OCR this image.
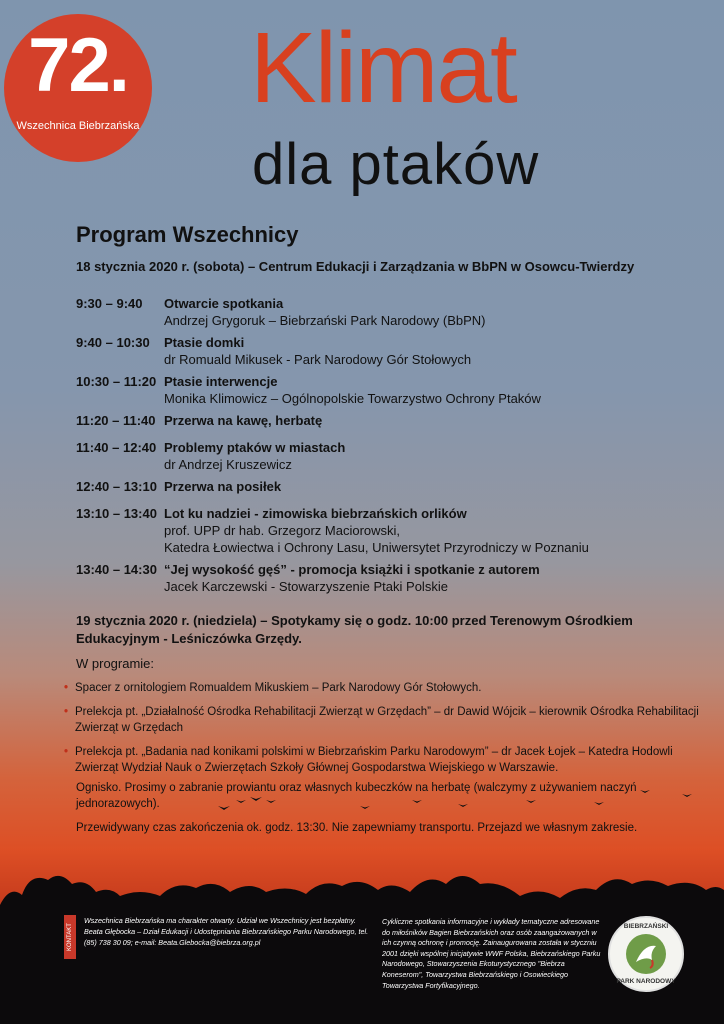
72.
Wszechnica Biebrzańska
Klimat
dla ptaków
Program Wszechnicy
18 stycznia 2020 r. (sobota) – Centrum Edukacji i Zarządzania w BbPN w Osowcu-Twierdzy
9:30 – 9:40	Otwarcie spotkania
Andrzej Grygoruk – Biebrzański Park Narodowy (BbPN)
9:40 – 10:30	Ptasie domki
dr Romuald Mikusek - Park Narodowy Gór Stołowych
10:30 – 11:20 Ptasie interwencje
Monika Klimowicz – Ogólnopolskie Towarzystwo Ochrony Ptaków
11:20 – 11:40 Przerwa na kawę, herbatę
11:40 – 12:40 Problemy ptaków w miastach
dr Andrzej Kruszewicz
12:40 – 13:10 Przerwa na posiłek
13:10 – 13:40 Lot ku nadziei - zimowiska biebrzańskich orlików
prof. UPP dr hab. Grzegorz Maciorowski,
Katedra Łowiectwa i Ochrony Lasu, Uniwersytet Przyrodniczy w Poznaniu
13:40 – 14:30 “Jej wysokość gęś” - promocja książki i spotkanie z autorem
Jacek Karczewski - Stowarzyszenie Ptaki Polskie
19 stycznia 2020 r. (niedziela) – Spotykamy się o godz. 10:00 przed Terenowym Ośrodkiem Edukacyjnym - Leśniczówka Grzędy.
W programie:
• Spacer z ornitologiem Romualdem Mikuskiem – Park Narodowy Gór Stołowych.
• Prelekcja pt. „Działalność Ośrodka Rehabilitacji Zwierząt w Grzędach” – dr Dawid Wójcik – kierownik Ośrodka Rehabilitacji Zwierząt w Grzędach
• Prelekcja pt. „Badania nad konikami polskimi w Biebrzańskim Parku Narodowym” – dr Jacek Łojek – Katedra Hodowli Zwierząt Wydział Nauk o Zwierzętach Szkoły Głównej Gospodarstwa Wiejskiego w Warszawie.
Ognisko. Prosimy o zabranie prowiantu oraz własnych kubeczków na herbatę (walczymy z używaniem naczyń jednorazowych).
Przewidywany czas zakończenia ok. godz. 13:30. Nie zapewniamy transportu. Przejazd we własnym zakresie.
KONTAKT
Wszechnica Biebrzańska ma charakter otwarty. Udział we Wszechnicy jest bezpłatny. Beata Głębocka – Dział Edukacji i Udostępniania Biebrzańskiego Parku Narodowego, tel. (85) 738 30 09; e-mail: Beata.Glebocka@biebrza.org.pl
Cykliczne spotkania informacyjne i wykłady tematyczne adresowane do miłośników Bagien Biebrzańskich oraz osób zaangażowanych w ich czynną ochronę i promocję. Zainaugurowana została w styczniu 2001 dzięki wspólnej inicjatywie WWF Polska, Biebrzańskiego Parku Narodowego, Stowarzyszenia Ekoturystycznego "Biebrza Koneserom", Towarzystwa Biebrzańskiego i Osowieckiego Towarzystwa Fortyfikacyjnego.
BIEBRZAŃSKI
PARK NARODOWY
